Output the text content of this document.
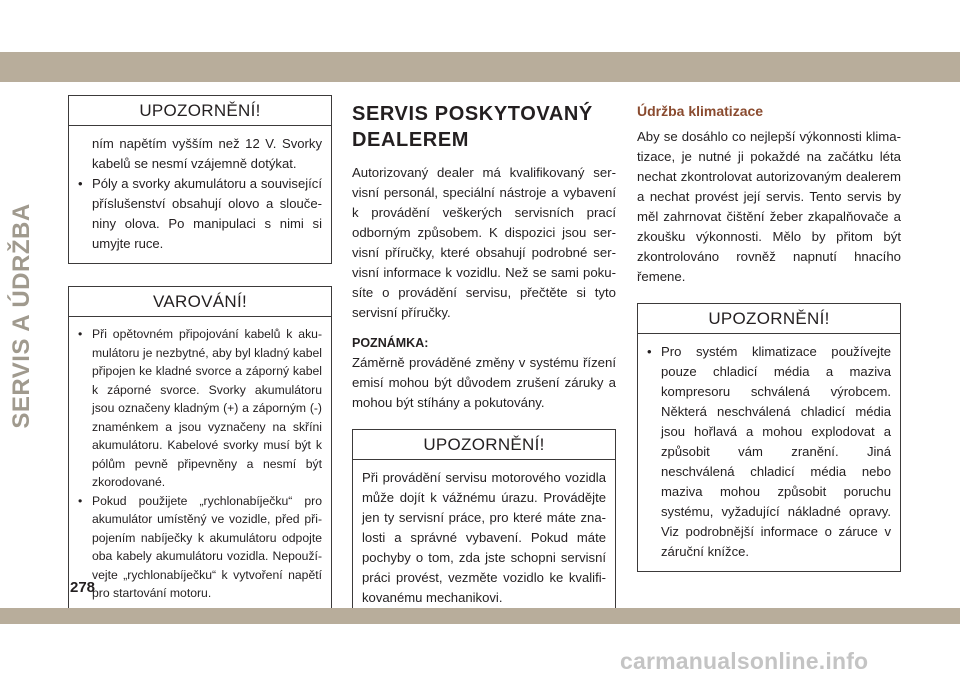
SERVIS A ÚDRŽBA
UPOZORNĚNÍ!
ním napětím vyšším než 12 V. Svorky kabelů se nesmí vzájemně dotýkat.
• Póly a svorky akumulátoru a související příslušenství obsahují olovo a sloučeniny olova. Po manipulaci s nimi si umyjte ruce.
VAROVÁNÍ!
• Při opětovném připojování kabelů k akumulátoru je nezbytné, aby byl kladný kabel připojen ke kladné svorce a záporný kabel k záporné svorce. Svorky akumulátoru jsou označeny kladným (+) a záporným (-) znaménkem a jsou vyznačeny na skříni akumulátoru. Kabelové svorky musí být k pólům pevně připevněny a nesmí být zkorodované.
• Pokud použijete „rychlonabíječku“ pro akumulátor umístěný ve vozidle, před připojením nabíječky k akumulátoru odpojte oba kabely akumulátoru vozidla. Nepoužívejte „rychlonabíječku“ k vytvoření napětí pro startování motoru.
SERVIS POSKYTOVANÝ DEALEREM

Autorizovaný dealer má kvalifikovaný servisní personál, speciální nástroje a vybavení k provádění veškerých servisních prací odborným způsobem. K dispozici jsou servisní příručky, které obsahují podrobné servisní informace k vozidlu. Než se sami pokusíte o provádění servisu, přečtěte si tyto servisní příručky.

POZNÁMKA:

Záměrně prováděné změny v systému řízení emisí mohou být důvodem zrušení záruky a mohou být stíhány a pokutovány.

UPOZORNĚNÍ!
Při provádění servisu motorového vozidla může dojít k vážnému úrazu. Provádějte jen ty servisní práce, pro které máte znalosti a správné vybavení. Pokud máte pochyby o tom, zda jste schopni servisní práci provést, vezměte vozidlo ke kvalifikovanému mechanikovi.
Údržba klimatizace

Aby se dosáhlo co nejlepší výkonnosti klimatizace, je nutné ji pokaždé na začátku léta nechat zkontrolovat autorizovaným dealerem a nechat provést její servis. Tento servis by měl zahrnovat čištění žeber zkapalňovače a zkoušku výkonnosti. Mělo by přitom být zkontrolováno rovněž napnutí hnacího řemene.

UPOZORNĚNÍ!
• Pro systém klimatizace používejte pouze chladicí média a maziva kompresoru schválená výrobcem. Některá neschválená chladicí média jsou hořlavá a mohou explodovat a způsobit vám zranění. Jiná neschválená chladicí média nebo maziva mohou způsobit poruchu systému, vyžadující nákladné opravy. Viz podrobnější informace o záruce v záruční knížce.
278
carmanualsonline.info
